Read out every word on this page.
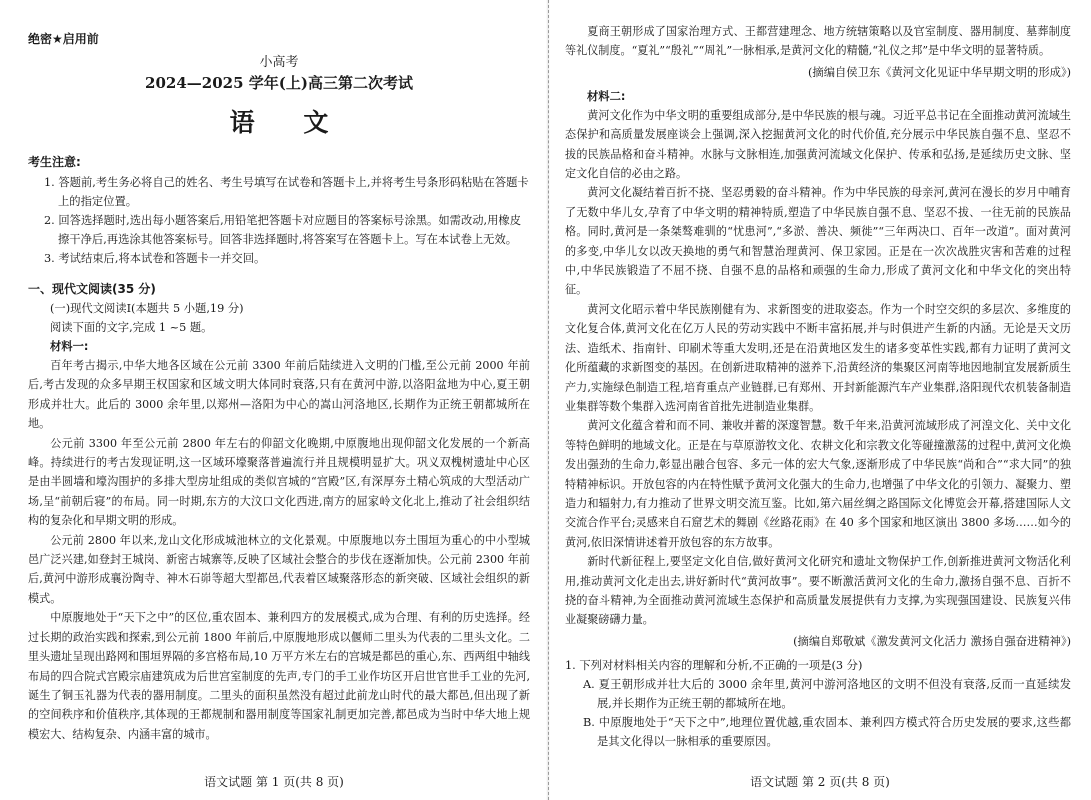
绝密★启用前
小高考
2024—2025 学年(上)高三第二次考试
语 文
考生注意:

1. 答题前,考生务必将自己的姓名、考生号填写在试卷和答题卡上,并将考生号条形码粘贴在答题卡上的指定位置。

2. 回答选择题时,选出每小题答案后,用铅笔把答题卡对应题目的答案标号涂黑。如需改动,用橡皮擦干净后,再选涂其他答案标号。回答非选择题时,将答案写在答题卡上。写在本试卷上无效。

3. 考试结束后,将本试卷和答题卡一并交回。

一、现代文阅读(35 分)

(一)现代文阅读Ⅰ(本题共 5 小题,19 分)

阅读下面的文字,完成 1 ~5 题。

材料一:

百年考古揭示,中华大地各区域在公元前 3300 年前后陆续进入文明的门槛,至公元前 2000 年前后,考古发现的众多早期王权国家和区域文明大体同时衰落,只有在黄河中游,以洛阳盆地为中心,夏王朝形成并壮大。此后的 3000 余年里,以郑州—洛阳为中心的嵩山河洛地区,长期作为正统王朝都城所在地。

公元前 3300 年至公元前 2800 年左右的仰韶文化晚期,中原腹地出现仰韶文化发展的一个新高峰。持续进行的考古发现证明,这一区域环壕聚落普遍流行并且规模明显扩大。巩义双槐树遗址中心区是由半圆墙和壕沟围护的多排大型房址组成的类似宫城的“宫殿”区,有深厚夯土精心筑成的大型活动广场,呈“前朝后寝”的布局。同一时期,东方的大汶口文化西进,南方的屈家岭文化北上,推动了社会组织结构的复杂化和早期文明的形成。

公元前 2800 年以来,龙山文化形成城池林立的文化景观。中原腹地以夯土围垣为重心的中小型城邑广泛兴建,如登封王城岗、新密古城寨等,反映了区域社会整合的步伐在逐渐加快。公元前 2300 年前后,黄河中游形成襄汾陶寺、神木石峁等超大型都邑,代表着区域聚落形态的新突破、区域社会组织的新模式。

中原腹地处于“天下之中”的区位,重农固本、兼利四方的发展模式,成为合理、有利的历史选择。经过长期的政治实践和探索,到公元前 1800 年前后,中原腹地形成以偃师二里头为代表的二里头文化。二里头遗址呈现出路网和围垣界隔的多宫格布局,10 万平方米左右的宫城是都邑的重心,东、西两组中轴线布局的四合院式宫殿宗庙建筑成为后世宫室制度的先声,专门的手工业作坊区开启世官世手工业的先河,诞生了铜玉礼器为代表的器用制度。二里头的面积虽然没有超过此前龙山时代的最大都邑,但出现了新的空间秩序和价值秩序,其体现的王都规制和器用制度等国家礼制更加完善,都邑成为当时中华大地上规模宏大、结构复杂、内涵丰富的城市。

语文试题 第 1 页(共 8 页)

夏商王朝形成了国家治理方式、王都营建理念、地方统辖策略以及官室制度、器用制度、墓葬制度等礼仪制度。“夏礼”“殷礼”“周礼”一脉相承,是黄河文化的精髓,“礼仪之邦”是中华文明的显著特质。

(摘编自侯卫东《黄河文化见证中华早期文明的形成》)

材料二:

黄河文化作为中华文明的重要组成部分,是中华民族的根与魂。习近平总书记在全面推动黄河流域生态保护和高质量发展座谈会上强调,深入挖掘黄河文化的时代价值,充分展示中华民族自强不息、坚忍不拔的民族品格和奋斗精神。水脉与文脉相连,加强黄河流域文化保护、传承和弘扬,是延续历史文脉、坚定文化自信的必由之路。

黄河文化凝结着百折不挠、坚忍勇毅的奋斗精神。作为中华民族的母亲河,黄河在漫长的岁月中哺育了无数中华儿女,孕育了中华文明的精神特质,塑造了中华民族自强不息、坚忍不拔、一往无前的民族品格。同时,黄河是一条桀骜难驯的“忧患河”,“多淤、善决、频徙”“三年两决口、百年一改道”。面对黄河的多变,中华儿女以改天换地的勇气和智慧治理黄河、保卫家园。正是在一次次战胜灾害和苦难的过程中,中华民族锻造了不屈不挠、自强不息的品格和顽强的生命力,形成了黄河文化和中华文化的突出特征。

黄河文化昭示着中华民族刚健有为、求新图变的进取姿态。作为一个时空交织的多层次、多维度的文化复合体,黄河文化在亿万人民的劳动实践中不断丰富拓展,并与时俱进产生新的内涵。无论是天文历法、造纸术、指南针、印刷术等重大发明,还是在沿黄地区发生的诸多变革性实践,都有力证明了黄河文化所蕴藏的求新图变的基因。在创新进取精神的滋养下,沿黄经济的集聚区河南等地因地制宜发展新质生产力,实施绿色制造工程,培育重点产业链群,已有郑州、开封新能源汽车产业集群,洛阳现代农机装备制造业集群等数个集群入选河南省首批先进制造业集群。

黄河文化蕴含着和而不同、兼收并蓄的深邃智慧。数千年来,沿黄河流域形成了河湟文化、关中文化等特色鲜明的地域文化。正是在与草原游牧文化、农耕文化和宗教文化等碰撞激荡的过程中,黄河文化焕发出强劲的生命力,彰显出融合包容、多元一体的宏大气象,逐渐形成了中华民族“尚和合”“求大同”的独特精神标识。开放包容的内在特性赋予黄河文化强大的生命力,也增强了中华文化的引领力、凝聚力、塑造力和辐射力,有力推动了世界文明交流互鉴。比如,第六届丝绸之路国际文化博览会开幕,搭建国际人文交流合作平台;灵感来自石窟艺术的舞剧《丝路花雨》在 40 多个国家和地区演出 3800 多场……如今的黄河,依旧深情讲述着开放包容的东方故事。

新时代新征程上,要坚定文化自信,做好黄河文化研究和遗址文物保护工作,创新推进黄河文物活化利用,推动黄河文化走出去,讲好新时代“黄河故事”。要不断激活黄河文化的生命力,激扬自强不息、百折不挠的奋斗精神,为全面推动黄河流域生态保护和高质量发展提供有力支撑,为实现强国建设、民族复兴伟业凝聚磅礴力量。

(摘编自郑敬斌《激发黄河文化活力 激扬自强奋进精神》)

1. 下列对材料相关内容的理解和分析,不正确的一项是(3 分)

A. 夏王朝形成并壮大后的 3000 余年里,黄河中游河洛地区的文明不但没有衰落,反而一直延续发展,并长期作为正统王朝的都城所在地。

B. 中原腹地处于“天下之中”,地理位置优越,重农固本、兼利四方模式符合历史发展的要求,这些都是其文化得以一脉相承的重要原因。

语文试题 第 2 页(共 8 页)
